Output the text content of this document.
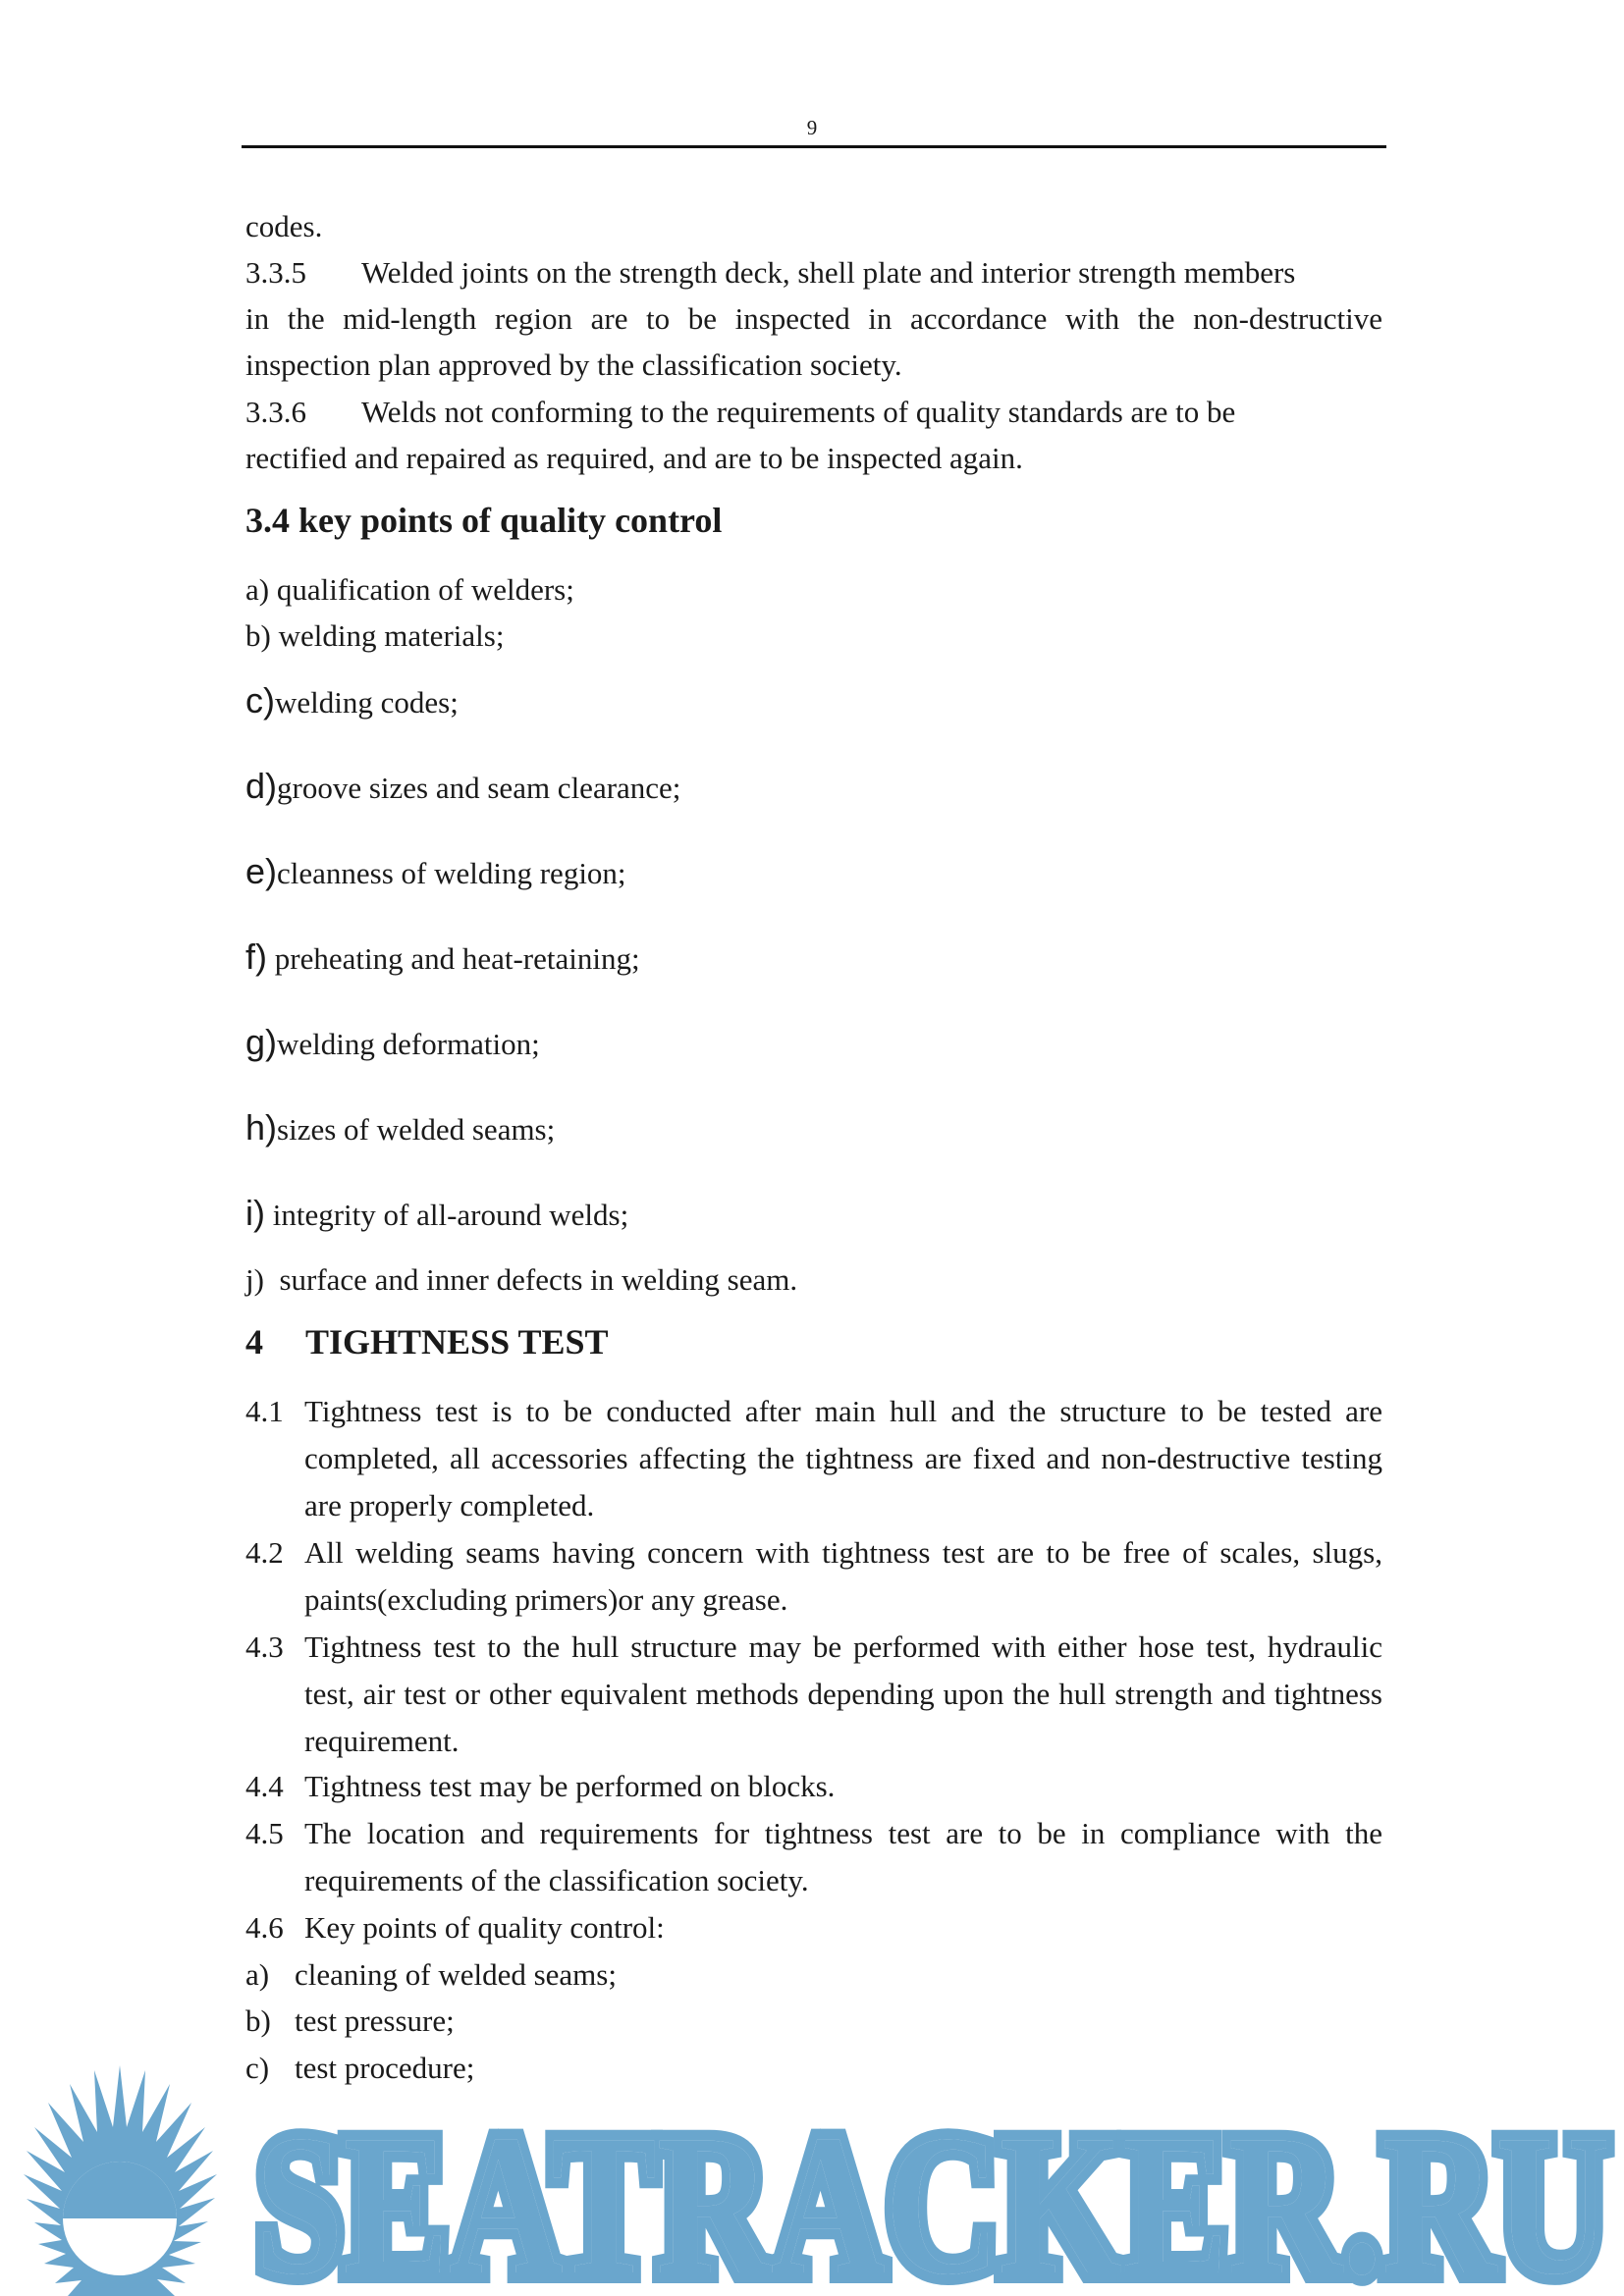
9
codes.
3.3.5 Welded joints on the strength deck, shell plate and interior strength members
in the mid-length region are to be inspected in accordance with the non-destructive
inspection plan approved by the classification society.
3.3.6 Welds not conforming to the requirements of quality standards are to be
rectified and repaired as required, and are to be inspected again.
3.4 key points of quality control
a) qualification of welders;
b) welding materials;
c)welding codes;
d)groove sizes and seam clearance;
e)cleanness of welding region;
f) preheating and heat-retaining;
g)welding deformation;
h)sizes of welded seams;
i) integrity of all-around welds;
j)  surface and inner defects in welding seam.
4 TIGHTNESS TEST
4.1 Tightness test is to be conducted after main hull and the structure to be tested are completed, all accessories affecting the tightness are fixed and non-destructive testing are properly completed.
4.2 All welding seams having concern with tightness test are to be free of scales, slugs, paints(excluding primers)or any grease.
4.3 Tightness test to the hull structure may be performed with either hose test, hydraulic test, air test or other equivalent methods depending upon the hull strength and tightness requirement.
4.4 Tightness test may be performed on blocks.
4.5 The location and requirements for tightness test are to be in compliance with the requirements of the classification society.
4.6 Key points of quality control:
a) cleaning of welded seams;
b) test pressure;
c) test procedure;
SEATRACKER.RU
SEATRACKER.RU
